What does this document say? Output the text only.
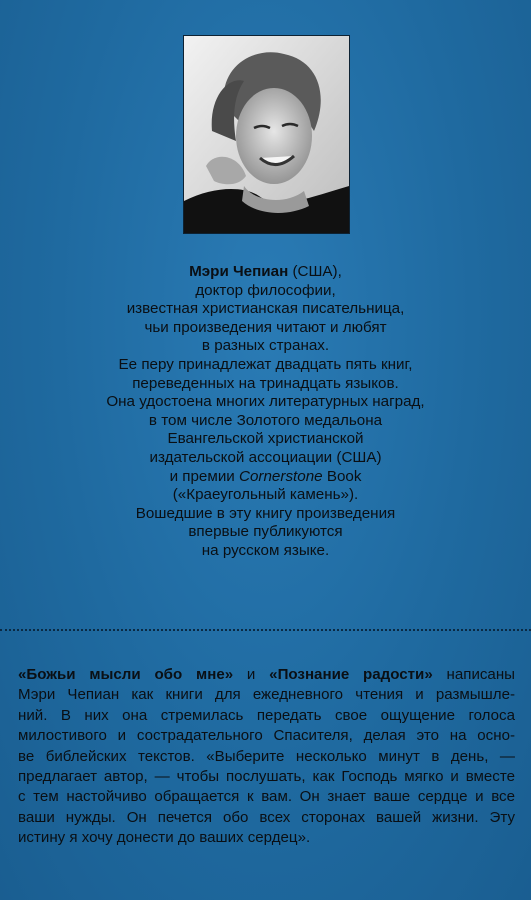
Мэри Чепиан (США),
доктор философии,
известная христианская писательница,
чьи произведения читают и любят
в разных странах.
Ее перу принадлежат двадцать пять книг,
переведенных на тринадцать языков.
Она удостоена многих литературных наград,
в том числе Золотого медальона
Евангельской христианской
издательской ассоциации (США)
и премии Cornerstone Book
(«Краеугольный камень»).
Вошедшие в эту книгу произведения
впервые публикуются
на русском языке.
«Божьи мысли обо мне» и «Познание радости» написаны
Мэри Чепиан как книги для ежедневного чтения и размышле-
ний. В них она стремилась передать свое ощущение голоса
милостивого и сострадательного Спасителя, делая это на осно-
ве библейских текстов. «Выберите несколько минут в день, —
предлагает автор, — чтобы послушать, как Господь мягко и вместе
с тем настойчиво обращается к вам. Он знает ваше сердце и все
ваши нужды. Он печется обо всех сторонах вашей жизни. Эту
истину я хочу донести до ваших сердец».
